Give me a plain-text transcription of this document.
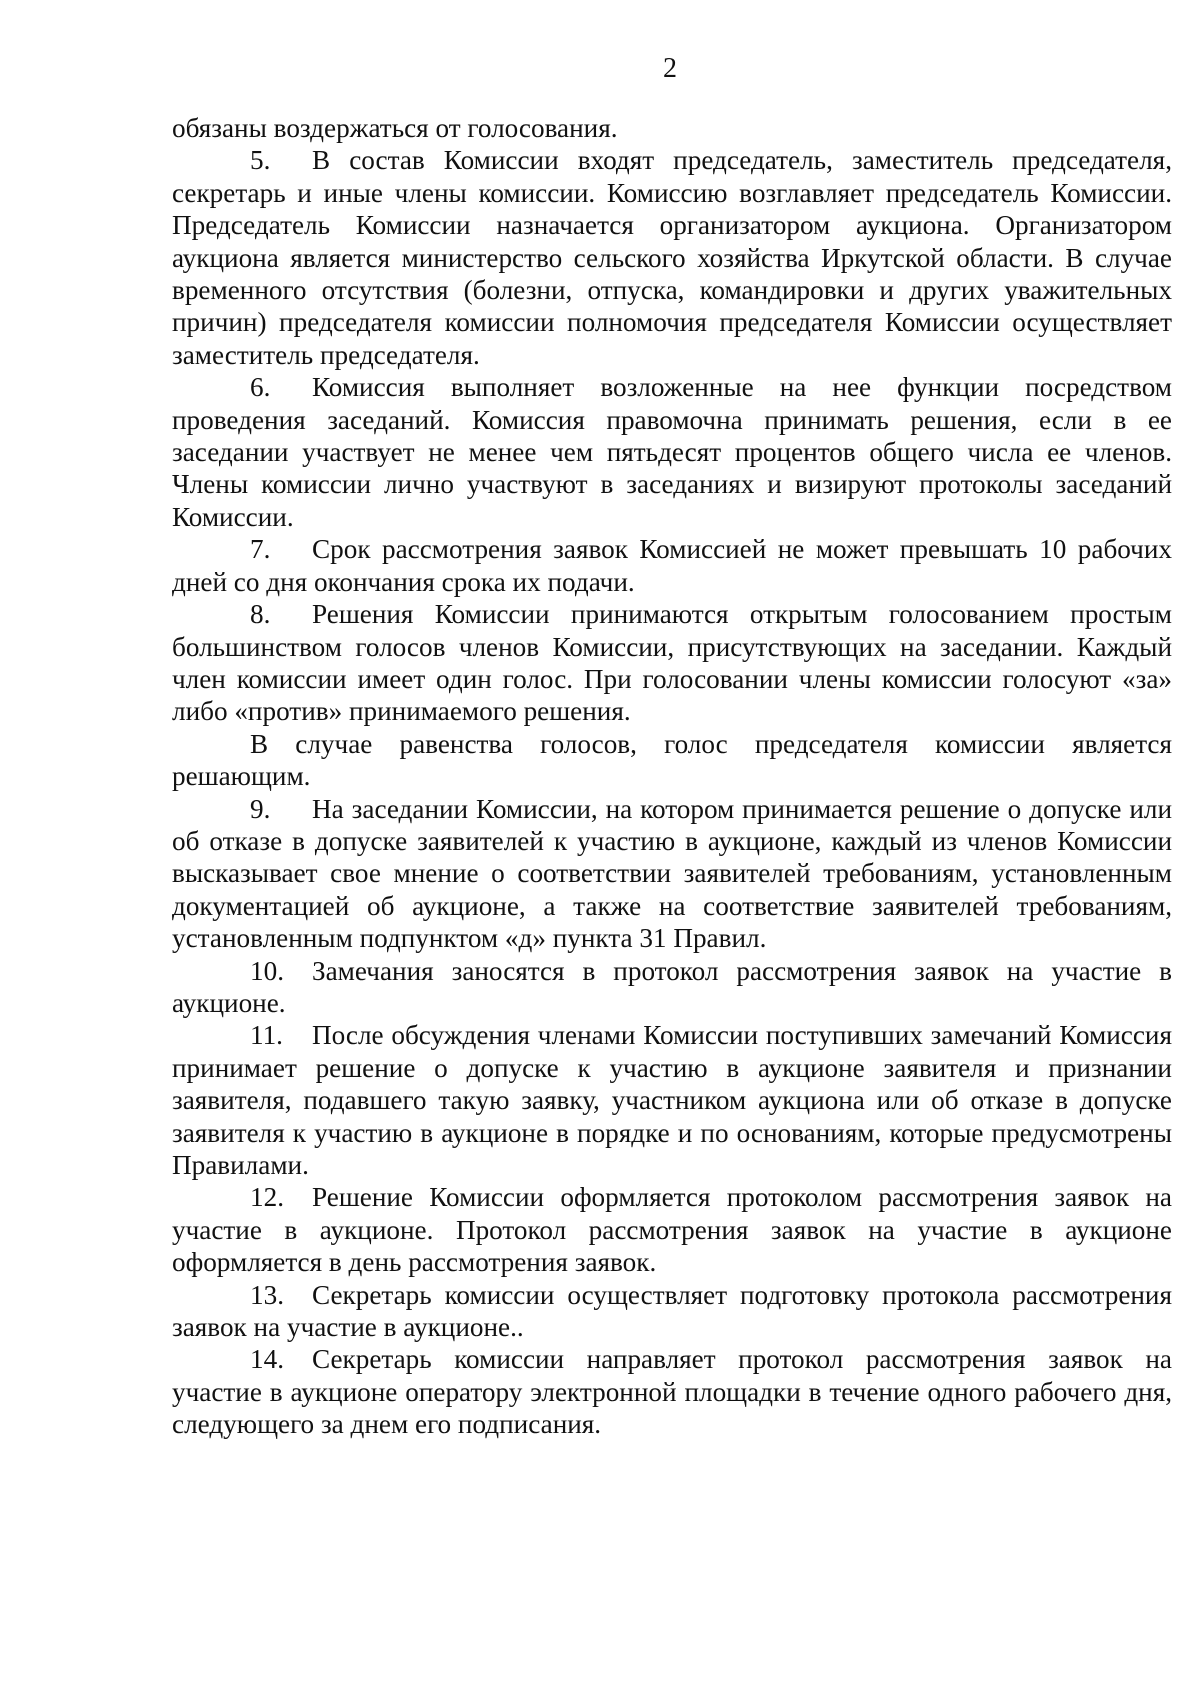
2

обязаны воздержаться от голосования.

5. В состав Комиссии входят председатель, заместитель председателя, секретарь и иные члены комиссии. Комиссию возглавляет председатель Комиссии. Председатель Комиссии назначается организатором аукциона. Организатором аукциона является министерство сельского хозяйства Иркутской области. В случае временного отсутствия (болезни, отпуска, командировки и других уважительных причин) председателя комиссии полномочия председателя Комиссии осуществляет заместитель председателя.

6. Комиссия выполняет возложенные на нее функции посредством проведения заседаний. Комиссия правомочна принимать решения, если в ее заседании участвует не менее чем пятьдесят процентов общего числа ее членов. Члены комиссии лично участвуют в заседаниях и визируют протоколы заседаний Комиссии.

7. Срок рассмотрения заявок Комиссией не может превышать 10 рабочих дней со дня окончания срока их подачи.

8. Решения Комиссии принимаются открытым голосованием простым большинством голосов членов Комиссии, присутствующих на заседании. Каждый член комиссии имеет один голос. При голосовании члены комиссии голосуют «за» либо «против» принимаемого решения.

В случае равенства голосов, голос председателя комиссии является решающим.

9. На заседании Комиссии, на котором принимается решение о допуске или об отказе в допуске заявителей к участию в аукционе, каждый из членов Комиссии высказывает свое мнение о соответствии заявителей требованиям, установленным документацией об аукционе, а также на соответствие заявителей требованиям, установленным подпунктом «д» пункта 31 Правил.

10. Замечания заносятся в протокол рассмотрения заявок на участие в аукционе.

11. После обсуждения членами Комиссии поступивших замечаний Комиссия принимает решение о допуске к участию в аукционе заявителя и признании заявителя, подавшего такую заявку, участником аукциона или об отказе в допуске заявителя к участию в аукционе в порядке и по основаниям, которые предусмотрены Правилами.

12. Решение Комиссии оформляется протоколом рассмотрения заявок на участие в аукционе. Протокол рассмотрения заявок на участие в аукционе оформляется в день рассмотрения заявок.

13. Секретарь комиссии осуществляет подготовку протокола рассмотрения заявок на участие в аукционе..

14. Секретарь комиссии направляет протокол рассмотрения заявок на участие в аукционе оператору электронной площадки в течение одного рабочего дня, следующего за днем его подписания.
